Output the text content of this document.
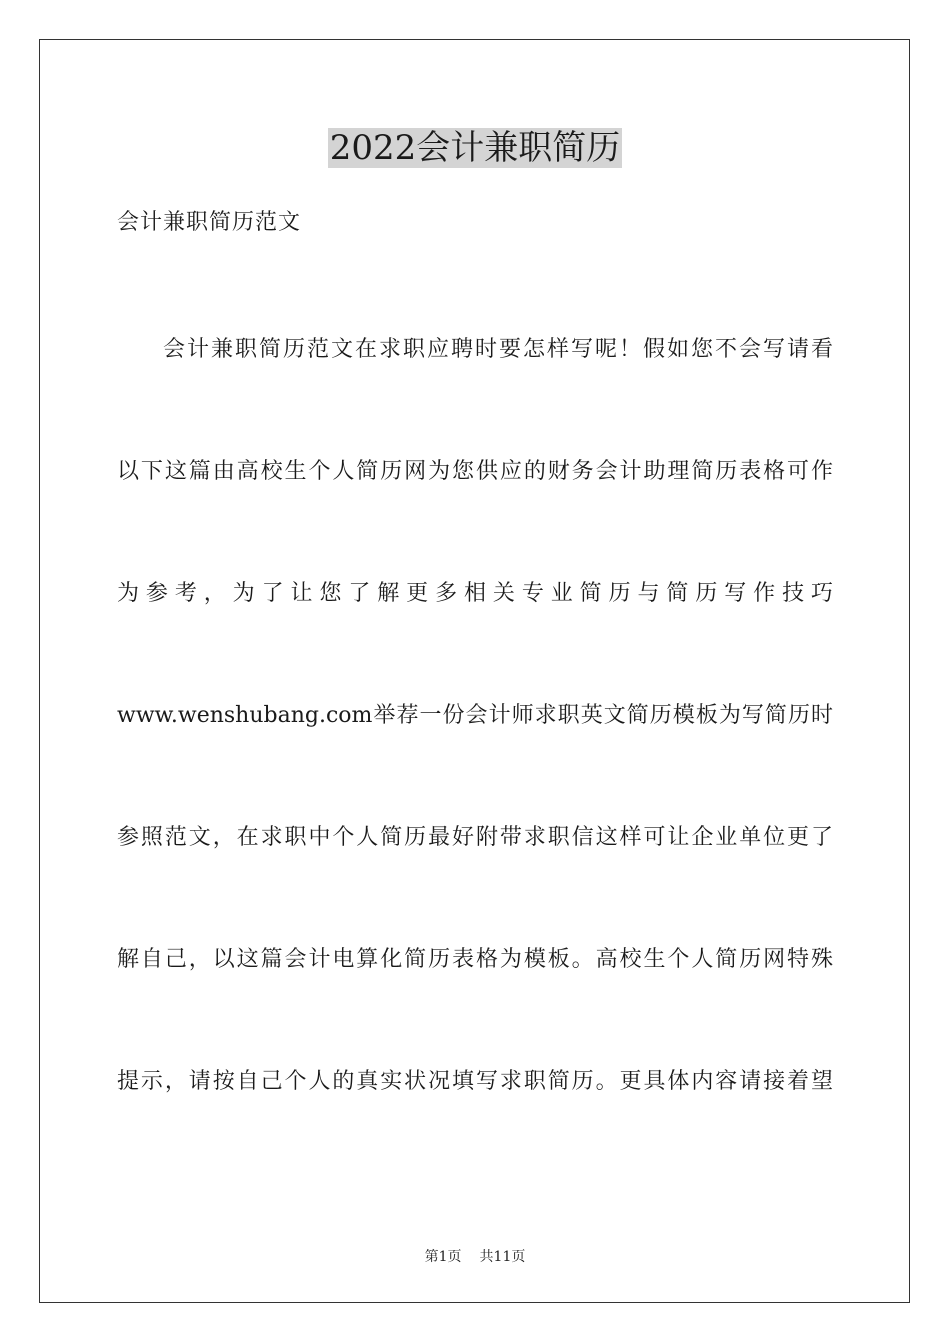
2022会计兼职简历
会计兼职简历范文
会计兼职简历范文在求职应聘时要怎样写呢！假如您不会写请看
以下这篇由高校生个人简历网为您供应的财务会计助理简历表格可作
为参考，为了让您了解更多相关专业简历与简历写作技巧
www.wenshubang.com举荐一份会计师求职英文简历模板为写简历时
参照范文，在求职中个人简历最好附带求职信这样可让企业单位更了
解自己，以这篇会计电算化简历表格为模板。高校生个人简历网特殊
提示，请按自己个人的真实状况填写求职简历。更具体内容请接着望
第1页 共11页
